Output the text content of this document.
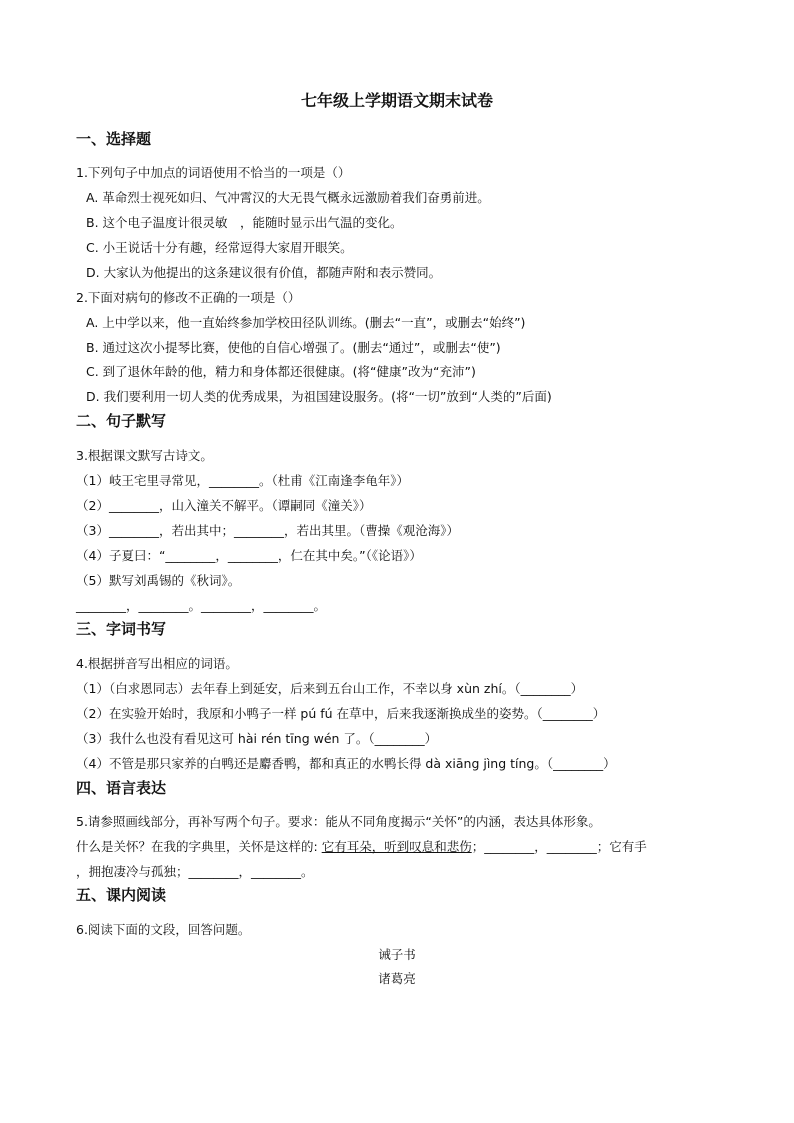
七年级上学期语文期末试卷
一、选择题
1.下列句子中加点的词语使用不恰当的一项是（）
A. 革命烈士视死如归、气冲霄汉的大无畏气概永远激励着我们奋勇前进。
B. 这个电子温度计很灵敏　，能随时显示出气温的变化。
C. 小王说话十分有趣，经常逗得大家眉开眼笑。
D. 大家认为他提出的这条建议很有价值，都随声附和表示赞同。
2.下面对病句的修改不正确的一项是（）
A. 上中学以来，他一直始终参加学校田径队训练。(删去“一直”，或删去“始终”)
B. 通过这次小提琴比赛，使他的自信心增强了。(删去“通过”，或删去“使”)
C. 到了退休年龄的他，精力和身体都还很健康。(将“健康”改为“充沛”)
D. 我们要利用一切人类的优秀成果，为祖国建设服务。(将“一切”放到“人类的”后面)
二、句子默写
3.根据课文默写古诗文。
（1）岐王宅里寻常见，________。（杜甫《江南逢李龟年》）
（2）________，山入潼关不解平。（谭嗣同《潼关》）
（3）________，若出其中；________，若出其里。（曹操《观沧海》）
（4）子夏曰：“________，________，仁在其中矣。”（《论语》）
（5）默写刘禹锡的《秋词》。
________，________。________，________。
三、字词书写
4.根据拼音写出相应的词语。
（1）（白求恩同志）去年春上到延安，后来到五台山工作，不幸以身 xùn zhí。（________）
（2）在实验开始时，我原和小鸭子一样 pú fú 在草中，后来我逐渐换成坐的姿势。（________）
（3）我什么也没有看见这可 hài rén tīng wén 了。（________）
（4）不管是那只家养的白鸭还是麝香鸭，都和真正的水鸭长得 dà xiāng jìng tíng。（________）
四、语言表达
5.请参照画线部分，再补写两个句子。要求：能从不同角度揭示“关怀”的内涵，表达具体形象。
什么是关怀？在我的字典里，关怀是这样的: 它有耳朵，听到叹息和悲伤；________，________；它有手
，拥抱凄冷与孤独；________，________。
五、课内阅读
6.阅读下面的文段，回答问题。
诫子书
诸葛亮
